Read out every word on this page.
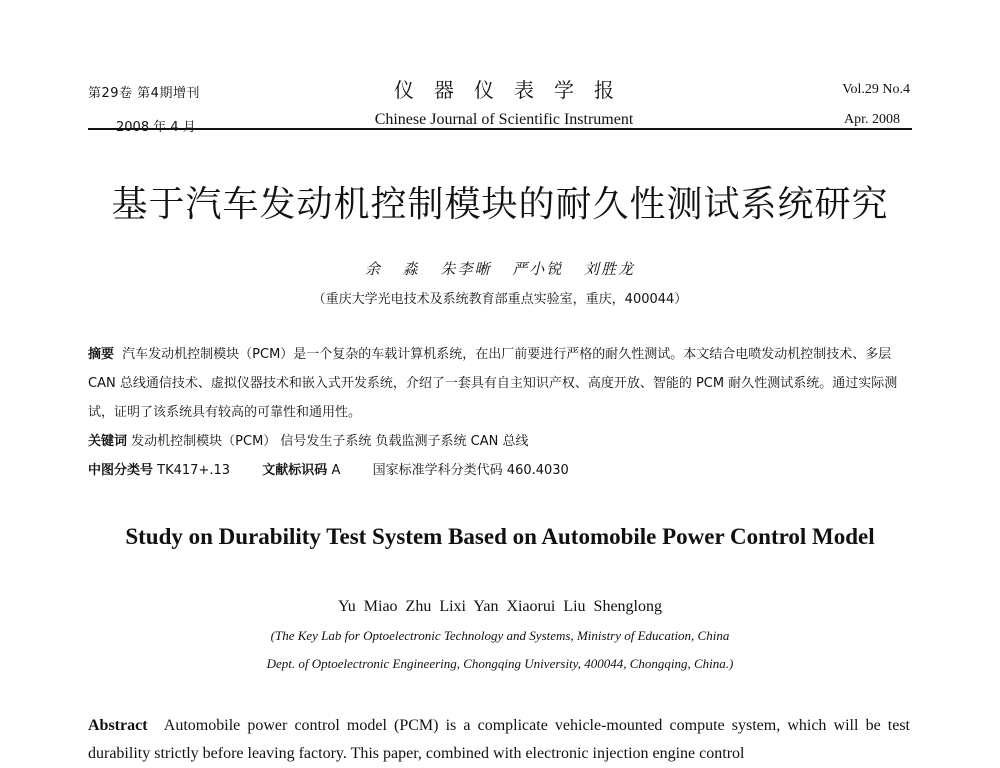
第29卷 第4期增刊
2008 年 4 月
仪器仪表学报
Chinese Journal of Scientific Instrument
Vol.29 No.4
Apr. 2008
基于汽车发动机控制模块的耐久性测试系统研究
余 淼 朱李晰 严小锐 刘胜龙
（重庆大学光电技术及系统教育部重点实验室，重庆，400044）
摘要 汽车发动机控制模块（PCM）是一个复杂的车载计算机系统，在出厂前要进行严格的耐久性测试。本文结合电喷发动机控制技术、多层 CAN 总线通信技术、虚拟仪器技术和嵌入式开发系统，介绍了一套具有自主知识产权、高度开放、智能的 PCM 耐久性测试系统。通过实际测试，证明了该系统具有较高的可靠性和通用性。
关键词 发动机控制模块（PCM） 信号发生子系统 负载监测子系统 CAN 总线
中图分类号 TK417+.13 文献标识码 A 国家标准学科分类代码 460.4030
Study on Durability Test System Based on Automobile Power Control Model
Yu Miao Zhu Lixi Yan Xiaorui Liu Shenglong
(The Key Lab for Optoelectronic Technology and Systems, Ministry of Education, China
Dept. of Optoelectronic Engineering, Chongqing University, 400044, Chongqing, China.)
Abstract Automobile power control model (PCM) is a complicate vehicle-mounted compute system, which will be test durability strictly before leaving factory. This paper, combined with electronic injection engine control
